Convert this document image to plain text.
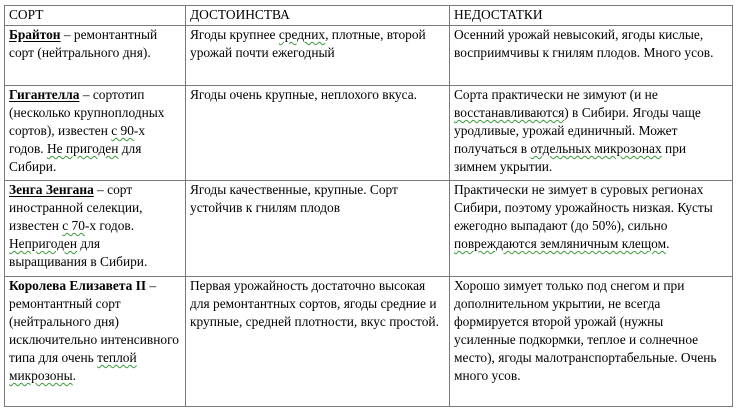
СОРТ	ДОСТОИНСТВА	НЕДОСТАТКИ
Брайтон – ремонтантный сорт (нейтрального дня).	Ягоды крупнее средних, плотные, второй урожай почти ежегодный	Осенний урожай невысокий, ягоды кислые, восприимчивы к гнилям плодов. Много усов.
Гигантелла – сортотип (несколько крупноплодных сортов), известен с 90-х годов. Не пригоден для Сибири.	Ягоды очень крупные, неплохого вкуса.	Сорта практически не зимуют (и не восстанавливаются) в Сибири. Ягоды чаще уродливые, урожай единичный. Может получаться в отдельных микрозонах при зимнем укрытии.
Зенга Зенгана – сорт иностранной селекции, известен с 70-х годов. Непригоден для выращивания в Сибири.	Ягоды качественные, крупные. Сорт устойчив к гнилям плодов	Практически не зимует в суровых регионах Сибири, поэтому урожайность низкая. Кусты ежегодно выпадают (до 50%), сильно повреждаются земляничным клещом.
Королева Елизавета II – ремонтантный сорт (нейтрального дня) исключительно интенсивного типа для очень теплой микрозоны.	Первая урожайность достаточно высокая для ремонтантных сортов, ягоды средние и крупные, средней плотности, вкус простой.	Хорошо зимует только под снегом и при дополнительном укрытии, не всегда формируется второй урожай (нужны усиленные подкормки, теплое и солнечное место), ягоды малотранспортабельные. Очень много усов.
